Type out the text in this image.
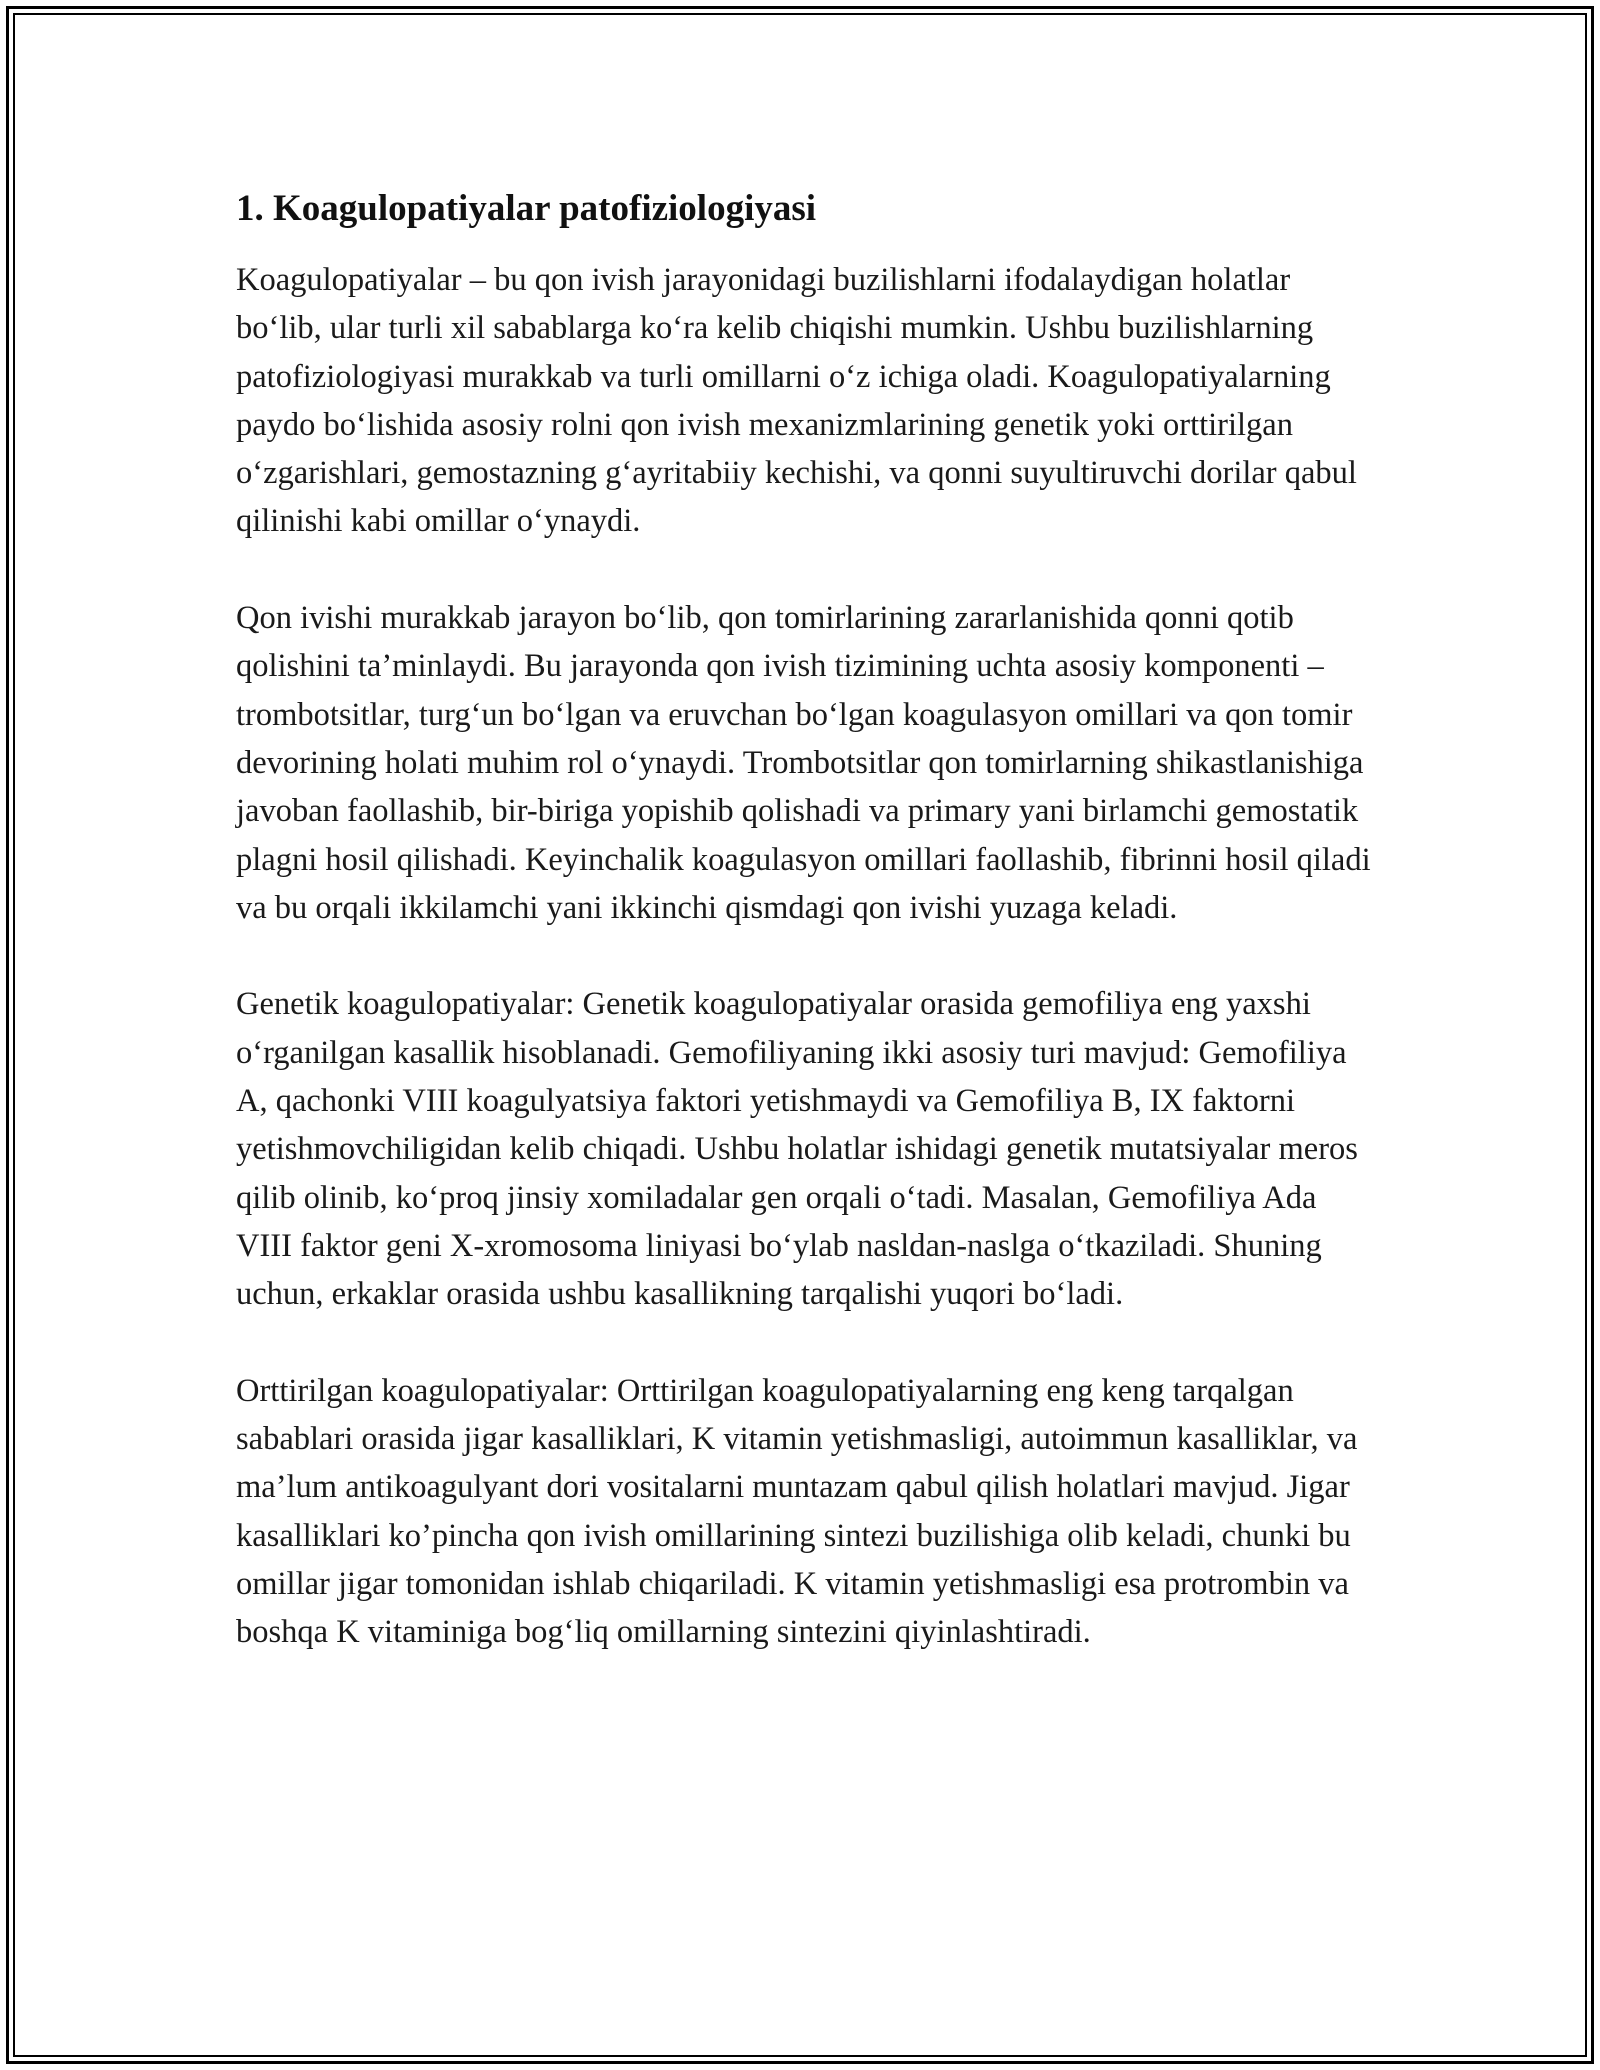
1. Koagulopatiyalar patofiziologiyasi

Koagulopatiyalar – bu qon ivish jarayonidagi buzilishlarni ifodalaydigan holatlar bo‘lib, ular turli xil sabablarga ko‘ra kelib chiqishi mumkin. Ushbu buzilishlarning patofiziologiyasi murakkab va turli omillarni o‘z ichiga oladi. Koagulopatiyalarning paydo bo‘lishida asosiy rolni qon ivish mexanizmlarining genetik yoki orttirilgan o‘zgarishlari, gemostazning g‘ayritabiiy kechishi, va qonni suyultiruvchi dorilar qabul qilinishi kabi omillar o‘ynaydi.

Qon ivishi murakkab jarayon bo‘lib, qon tomirlarining zararlanishida qonni qotib qolishini ta’minlaydi. Bu jarayonda qon ivish tizimining uchta asosiy komponenti – trombotsitlar, turg‘un bo‘lgan va eruvchan bo‘lgan koagulasyon omillari va qon tomir devorining holati muhim rol o‘ynaydi. Trombotsitlar qon tomirlarning shikastlanishiga javoban faollashib, bir-biriga yopishib qolishadi va primary yani birlamchi gemostatik plagni hosil qilishadi. Keyinchalik koagulasyon omillari faollashib, fibrinni hosil qiladi va bu orqali ikkilamchi yani ikkinchi qismdagi qon ivishi yuzaga keladi.

Genetik koagulopatiyalar: Genetik koagulopatiyalar orasida gemofiliya eng yaxshi o‘rganilgan kasallik hisoblanadi. Gemofiliyaning ikki asosiy turi mavjud: Gemofiliya A, qachonki VIII koagulyatsiya faktori yetishmaydi va Gemofiliya B, IX faktorni yetishmovchiligidan kelib chiqadi. Ushbu holatlar ishidagi genetik mutatsiyalar meros qilib olinib, ko‘proq jinsiy xomiladalar gen orqali o‘tadi. Masalan, Gemofiliya Ada VIII faktor geni X-xromosoma liniyasi bo‘ylab nasldan-naslga o‘tkaziladi. Shuning uchun, erkaklar orasida ushbu kasallikning tarqalishi yuqori bo‘ladi.

Orttirilgan koagulopatiyalar: Orttirilgan koagulopatiyalarning eng keng tarqalgan sabablari orasida jigar kasalliklari, K vitamin yetishmasligi, autoimmun kasalliklar, va ma’lum antikoagulyant dori vositalarni muntazam qabul qilish holatlari mavjud. Jigar kasalliklari ko’pincha qon ivish omillarining sintezi buzilishiga olib keladi, chunki bu omillar jigar tomonidan ishlab chiqariladi. K vitamin yetishmasligi esa protrombin va boshqa K vitaminiga bog‘liq omillarning sintezini qiyinlashtiradi.
